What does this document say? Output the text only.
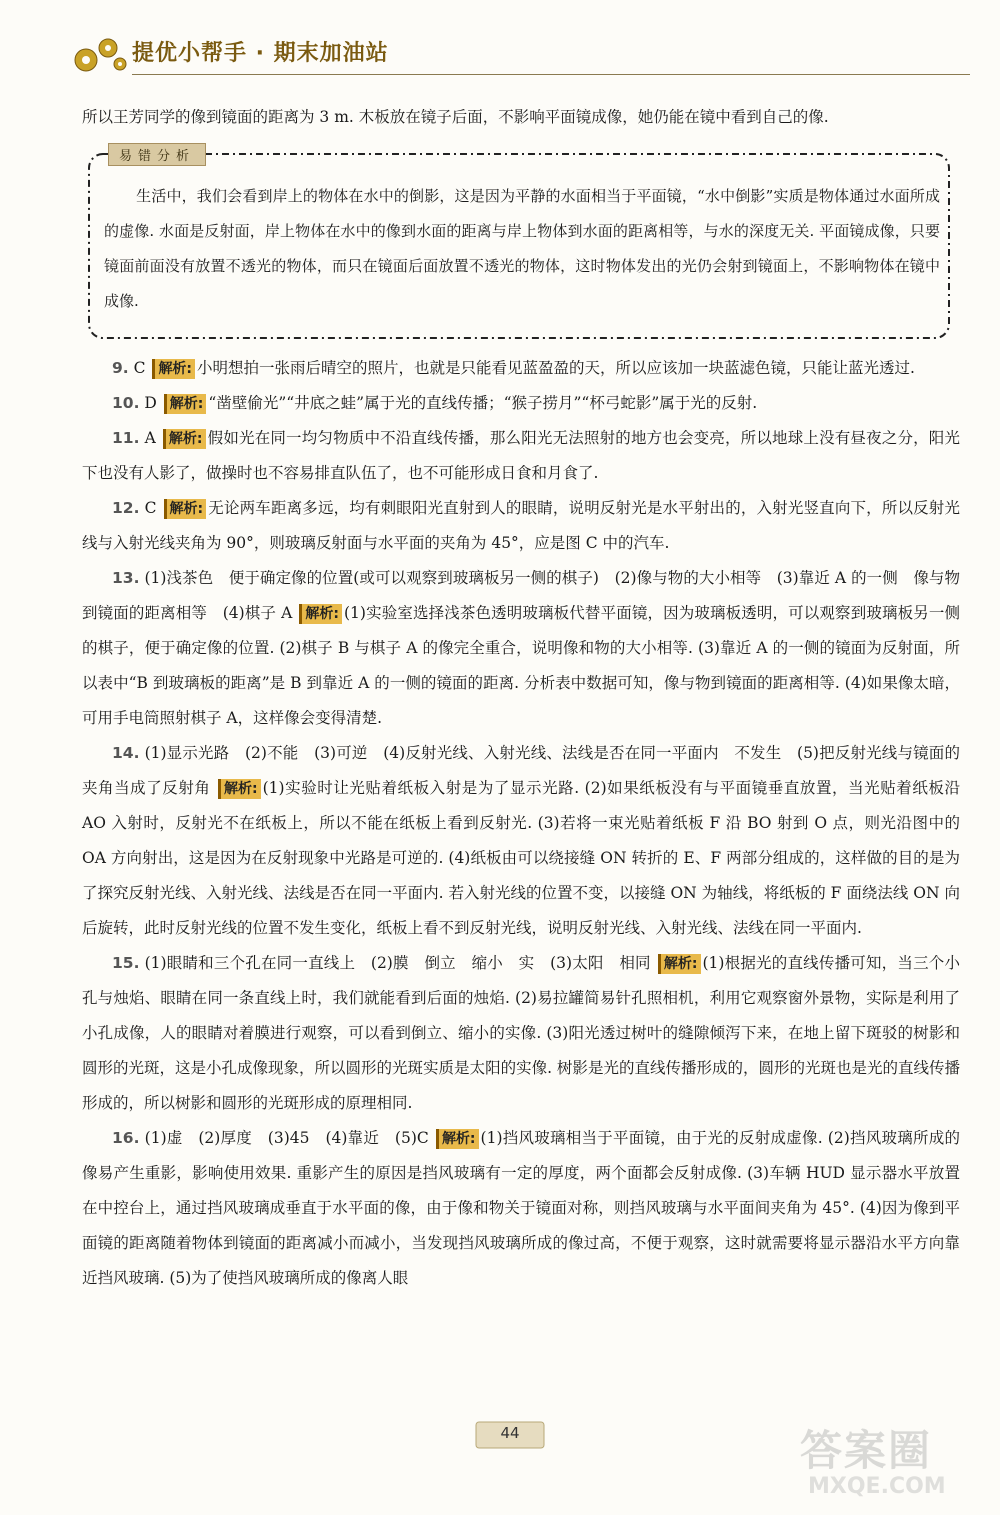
提优小帮手 · 期末加油站

所以王芳同学的像到镜面的距离为 3 m. 木板放在镜子后面，不影响平面镜成像，她仍能在镜中看到自己的像.

易错分析
生活中，我们会看到岸上的物体在水中的倒影，这是因为平静的水面相当于平面镜，“水中倒影”实质是物体通过水面所成的虚像. 水面是反射面，岸上物体在水中的像到水面的距离与岸上物体到水面的距离相等，与水的深度无关. 平面镜成像，只要镜面前面没有放置不透光的物体，而只在镜面后面放置不透光的物体，这时物体发出的光仍会射到镜面上，不影响物体在镜中成像.

9. C 解析: 小明想拍一张雨后晴空的照片，也就是只能看见蓝盈盈的天，所以应该加一块蓝滤色镜，只能让蓝光透过.

10. D 解析: “凿壁偷光”“井底之蛙”属于光的直线传播；“猴子捞月”“杯弓蛇影”属于光的反射.

11. A 解析: 假如光在同一均匀物质中不沿直线传播，那么阳光无法照射的地方也会变亮，所以地球上没有昼夜之分，阳光下也没有人影了，做操时也不容易排直队伍了，也不可能形成日食和月食了.

12. C 解析: 无论两车距离多远，均有刺眼阳光直射到人的眼睛，说明反射光是水平射出的，入射光竖直向下，所以反射光线与入射光线夹角为 90°，则玻璃反射面与水平面的夹角为 45°，应是图 C 中的汽车.

13. (1)浅茶色　便于确定像的位置(或可以观察到玻璃板另一侧的棋子)　(2)像与物的大小相等　(3)靠近 A 的一侧　像与物到镜面的距离相等　(4)棋子 A 解析: (1)实验室选择浅茶色透明玻璃板代替平面镜，因为玻璃板透明，可以观察到玻璃板另一侧的棋子，便于确定像的位置. (2)棋子 B 与棋子 A 的像完全重合，说明像和物的大小相等. (3)靠近 A 的一侧的镜面为反射面，所以表中“B 到玻璃板的距离”是 B 到靠近 A 的一侧的镜面的距离. 分析表中数据可知，像与物到镜面的距离相等. (4)如果像太暗，可用手电筒照射棋子 A，这样像会变得清楚.

14. (1)显示光路　(2)不能　(3)可逆　(4)反射光线、入射光线、法线是否在同一平面内　不发生　(5)把反射光线与镜面的夹角当成了反射角 解析: (1)实验时让光贴着纸板入射是为了显示光路. (2)如果纸板没有与平面镜垂直放置，当光贴着纸板沿 AO 入射时，反射光不在纸板上，所以不能在纸板上看到反射光. (3)若将一束光贴着纸板 F 沿 BO 射到 O 点，则光沿图中的 OA 方向射出，这是因为在反射现象中光路是可逆的. (4)纸板由可以绕接缝 ON 转折的 E、F 两部分组成的，这样做的目的是为了探究反射光线、入射光线、法线是否在同一平面内. 若入射光线的位置不变，以接缝 ON 为轴线，将纸板的 F 面绕法线 ON 向后旋转，此时反射光线的位置不发生变化，纸板上看不到反射光线，说明反射光线、入射光线、法线在同一平面内.

15. (1)眼睛和三个孔在同一直线上　(2)膜　倒立　缩小　实　(3)太阳　相同 解析: (1)根据光的直线传播可知，当三个小孔与烛焰、眼睛在同一条直线上时，我们就能看到后面的烛焰. (2)易拉罐简易针孔照相机，利用它观察窗外景物，实际是利用了小孔成像，人的眼睛对着膜进行观察，可以看到倒立、缩小的实像. (3)阳光透过树叶的缝隙倾泻下来，在地上留下斑驳的树影和圆形的光斑，这是小孔成像现象，所以圆形的光斑实质是太阳的实像. 树影是光的直线传播形成的，圆形的光斑也是光的直线传播形成的，所以树影和圆形的光斑形成的原理相同.

16. (1)虚　(2)厚度　(3)45　(4)靠近　(5)C 解析: (1)挡风玻璃相当于平面镜，由于光的反射成虚像. (2)挡风玻璃所成的像易产生重影，影响使用效果. 重影产生的原因是挡风玻璃有一定的厚度，两个面都会反射成像. (3)车辆 HUD 显示器水平放置在中控台上，通过挡风玻璃成垂直于水平面的像，由于像和物关于镜面对称，则挡风玻璃与水平面间夹角为 45°. (4)因为像到平面镜的距离随着物体到镜面的距离减小而减小，当发现挡风玻璃所成的像过高，不便于观察，这时就需要将显示器沿水平方向靠近挡风玻璃. (5)为了使挡风玻璃所成的像离人眼

44	答案圈
MXQE.COM
